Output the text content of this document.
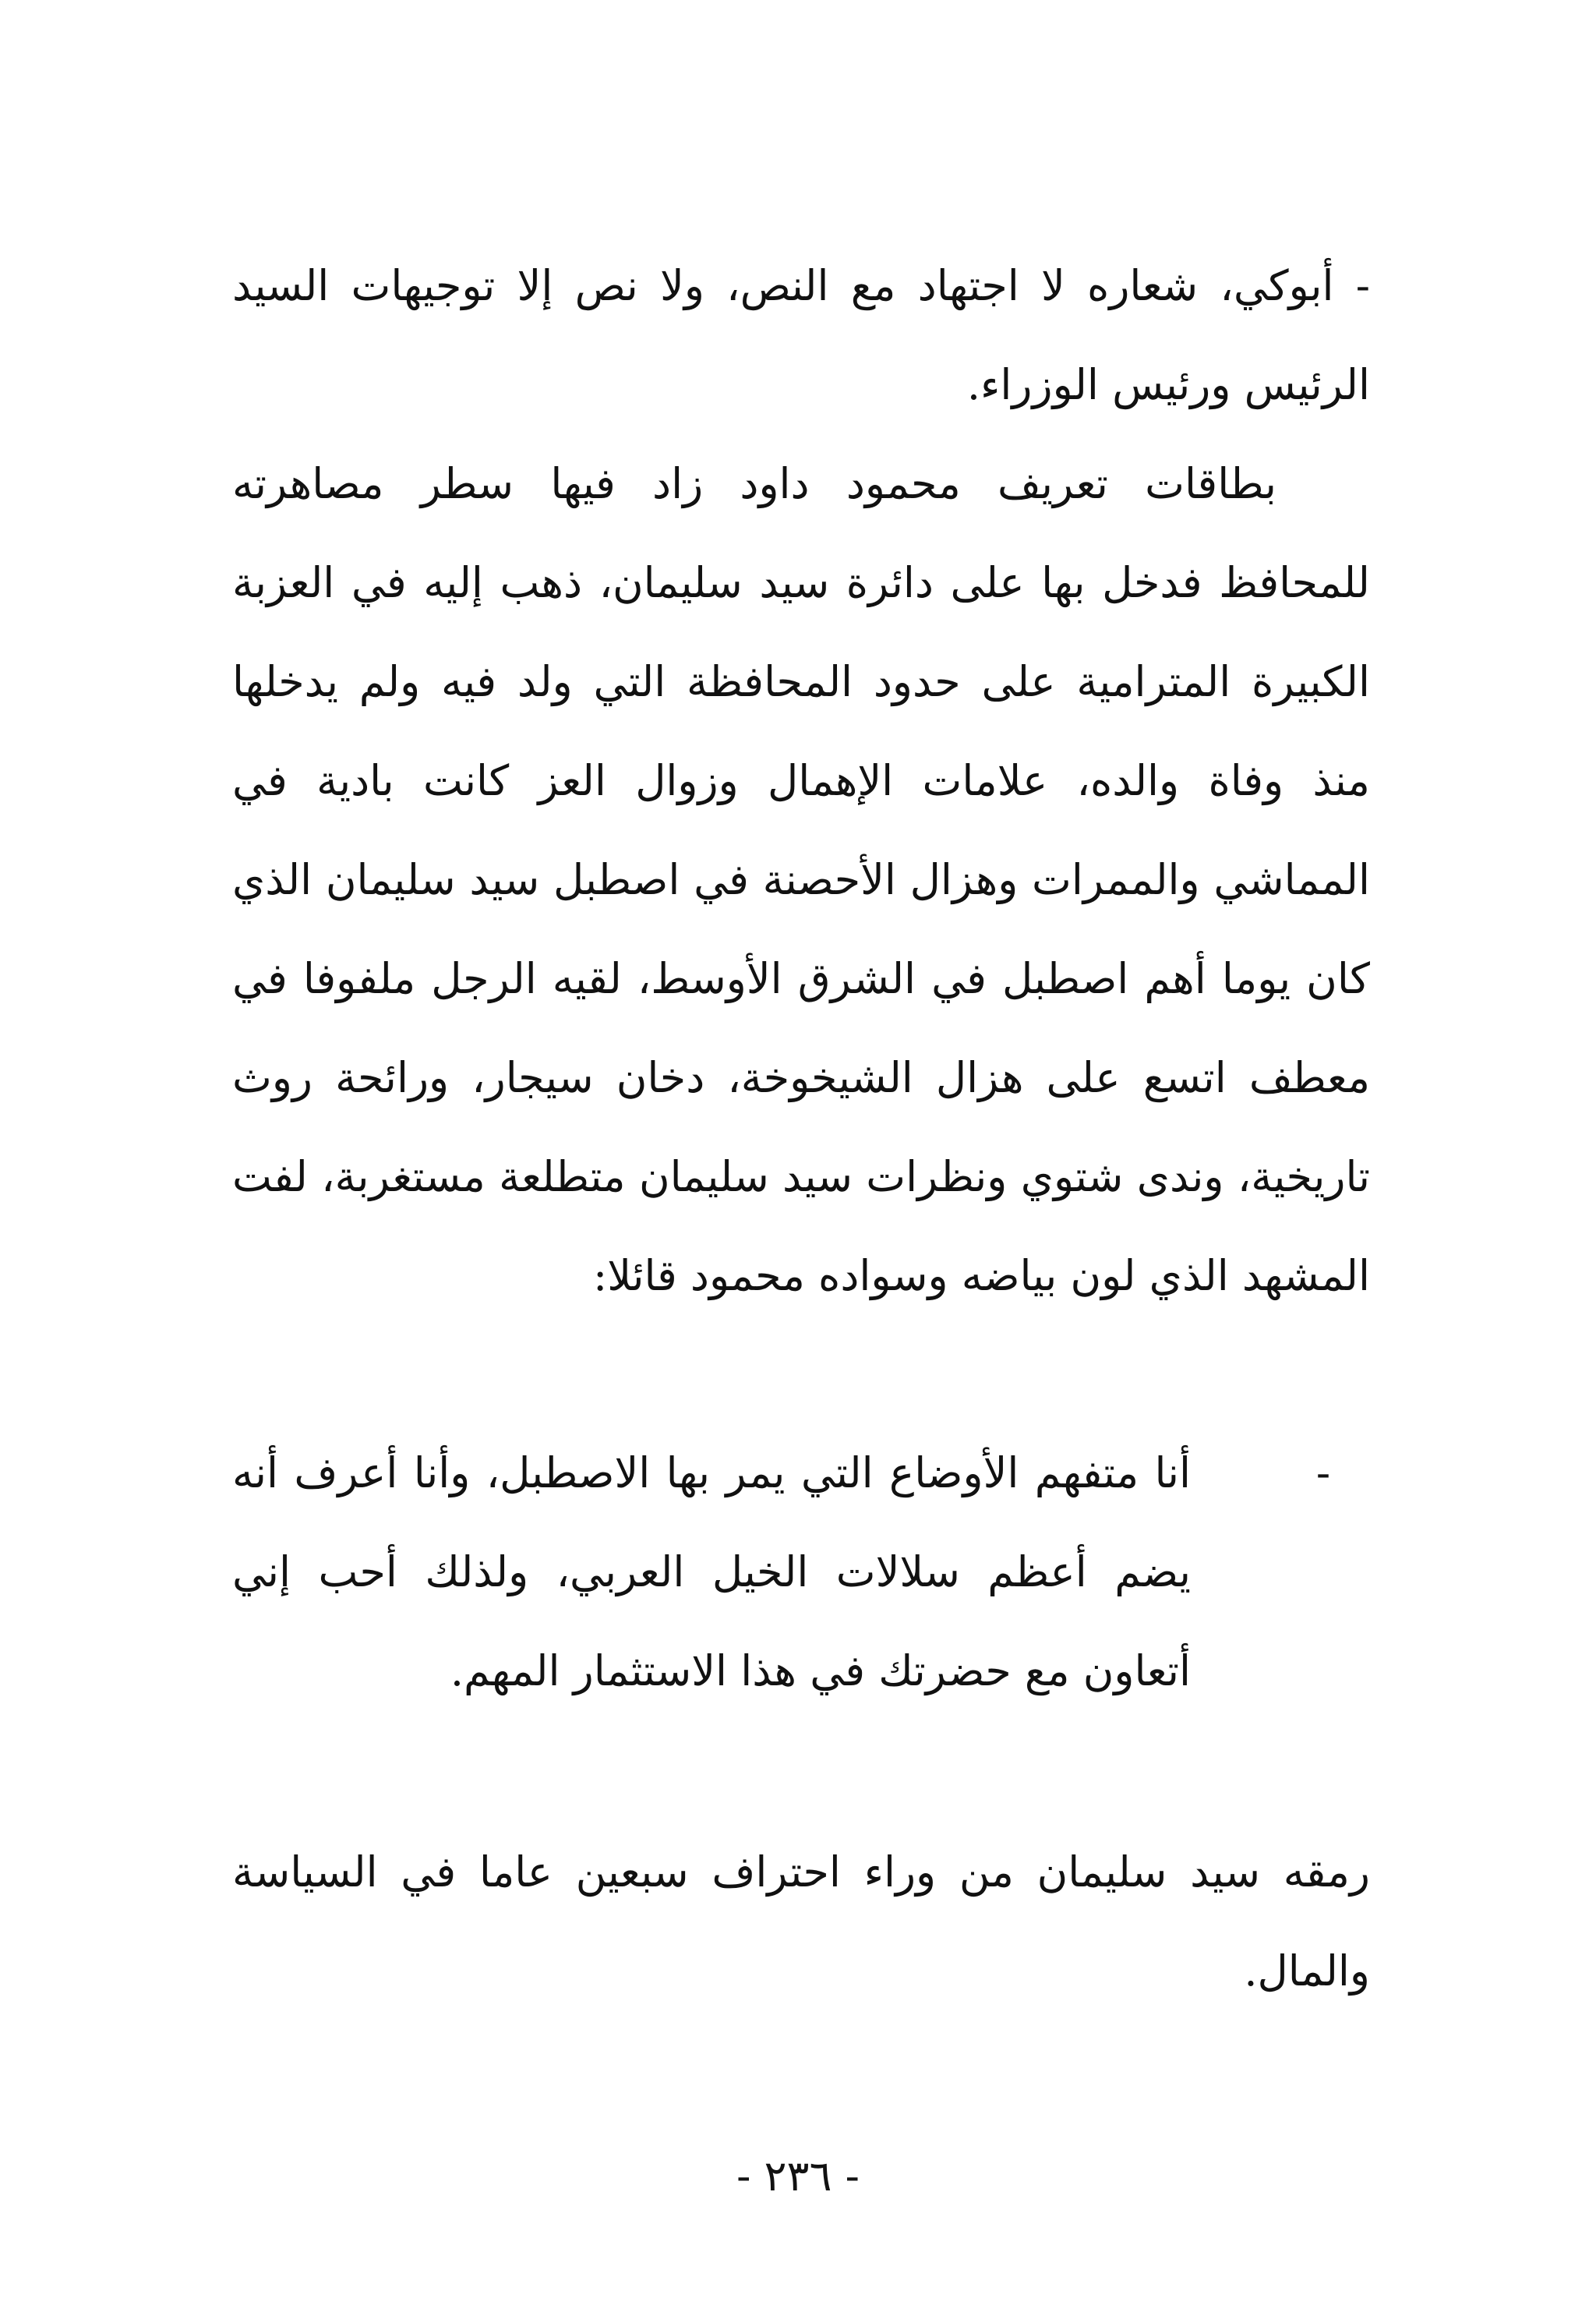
- أبوكي، شعاره لا اجتهاد مع النص، ولا نص إلا توجيهات السيد الرئيس ورئيس الوزراء.

بطاقات تعريف محمود داود زاد فيها سطر مصاهرته للمحافظ فدخل بها على دائرة سيد سليمان، ذهب إليه في العزبة الكبيرة المترامية على حدود المحافظة التي ولد فيه ولم يدخلها منذ وفاة والده، علامات الإهمال وزوال العز كانت بادية في المماشي والممرات وهزال الأحصنة في اصطبل سيد سليمان الذي كان يوما أهم اصطبل في الشرق الأوسط، لقيه الرجل ملفوفا في معطف اتسع على هزال الشيخوخة، دخان سيجار، ورائحة روث تاريخية، وندى شتوي ونظرات سيد سليمان متطلعة مستغربة، لفت المشهد الذي لون بياضه وسواده محمود قائلا:

-

أنا متفهم الأوضاع التي يمر بها الاصطبل، وأنا أعرف أنه يضم أعظم سلالات الخيل العربي، ولذلك أحب إني أتعاون مع حضرتك في هذا الاستثمار المهم.

رمقه سيد سليمان من وراء احتراف سبعين عاما في السياسة والمال.

- ٢٣٦ -
